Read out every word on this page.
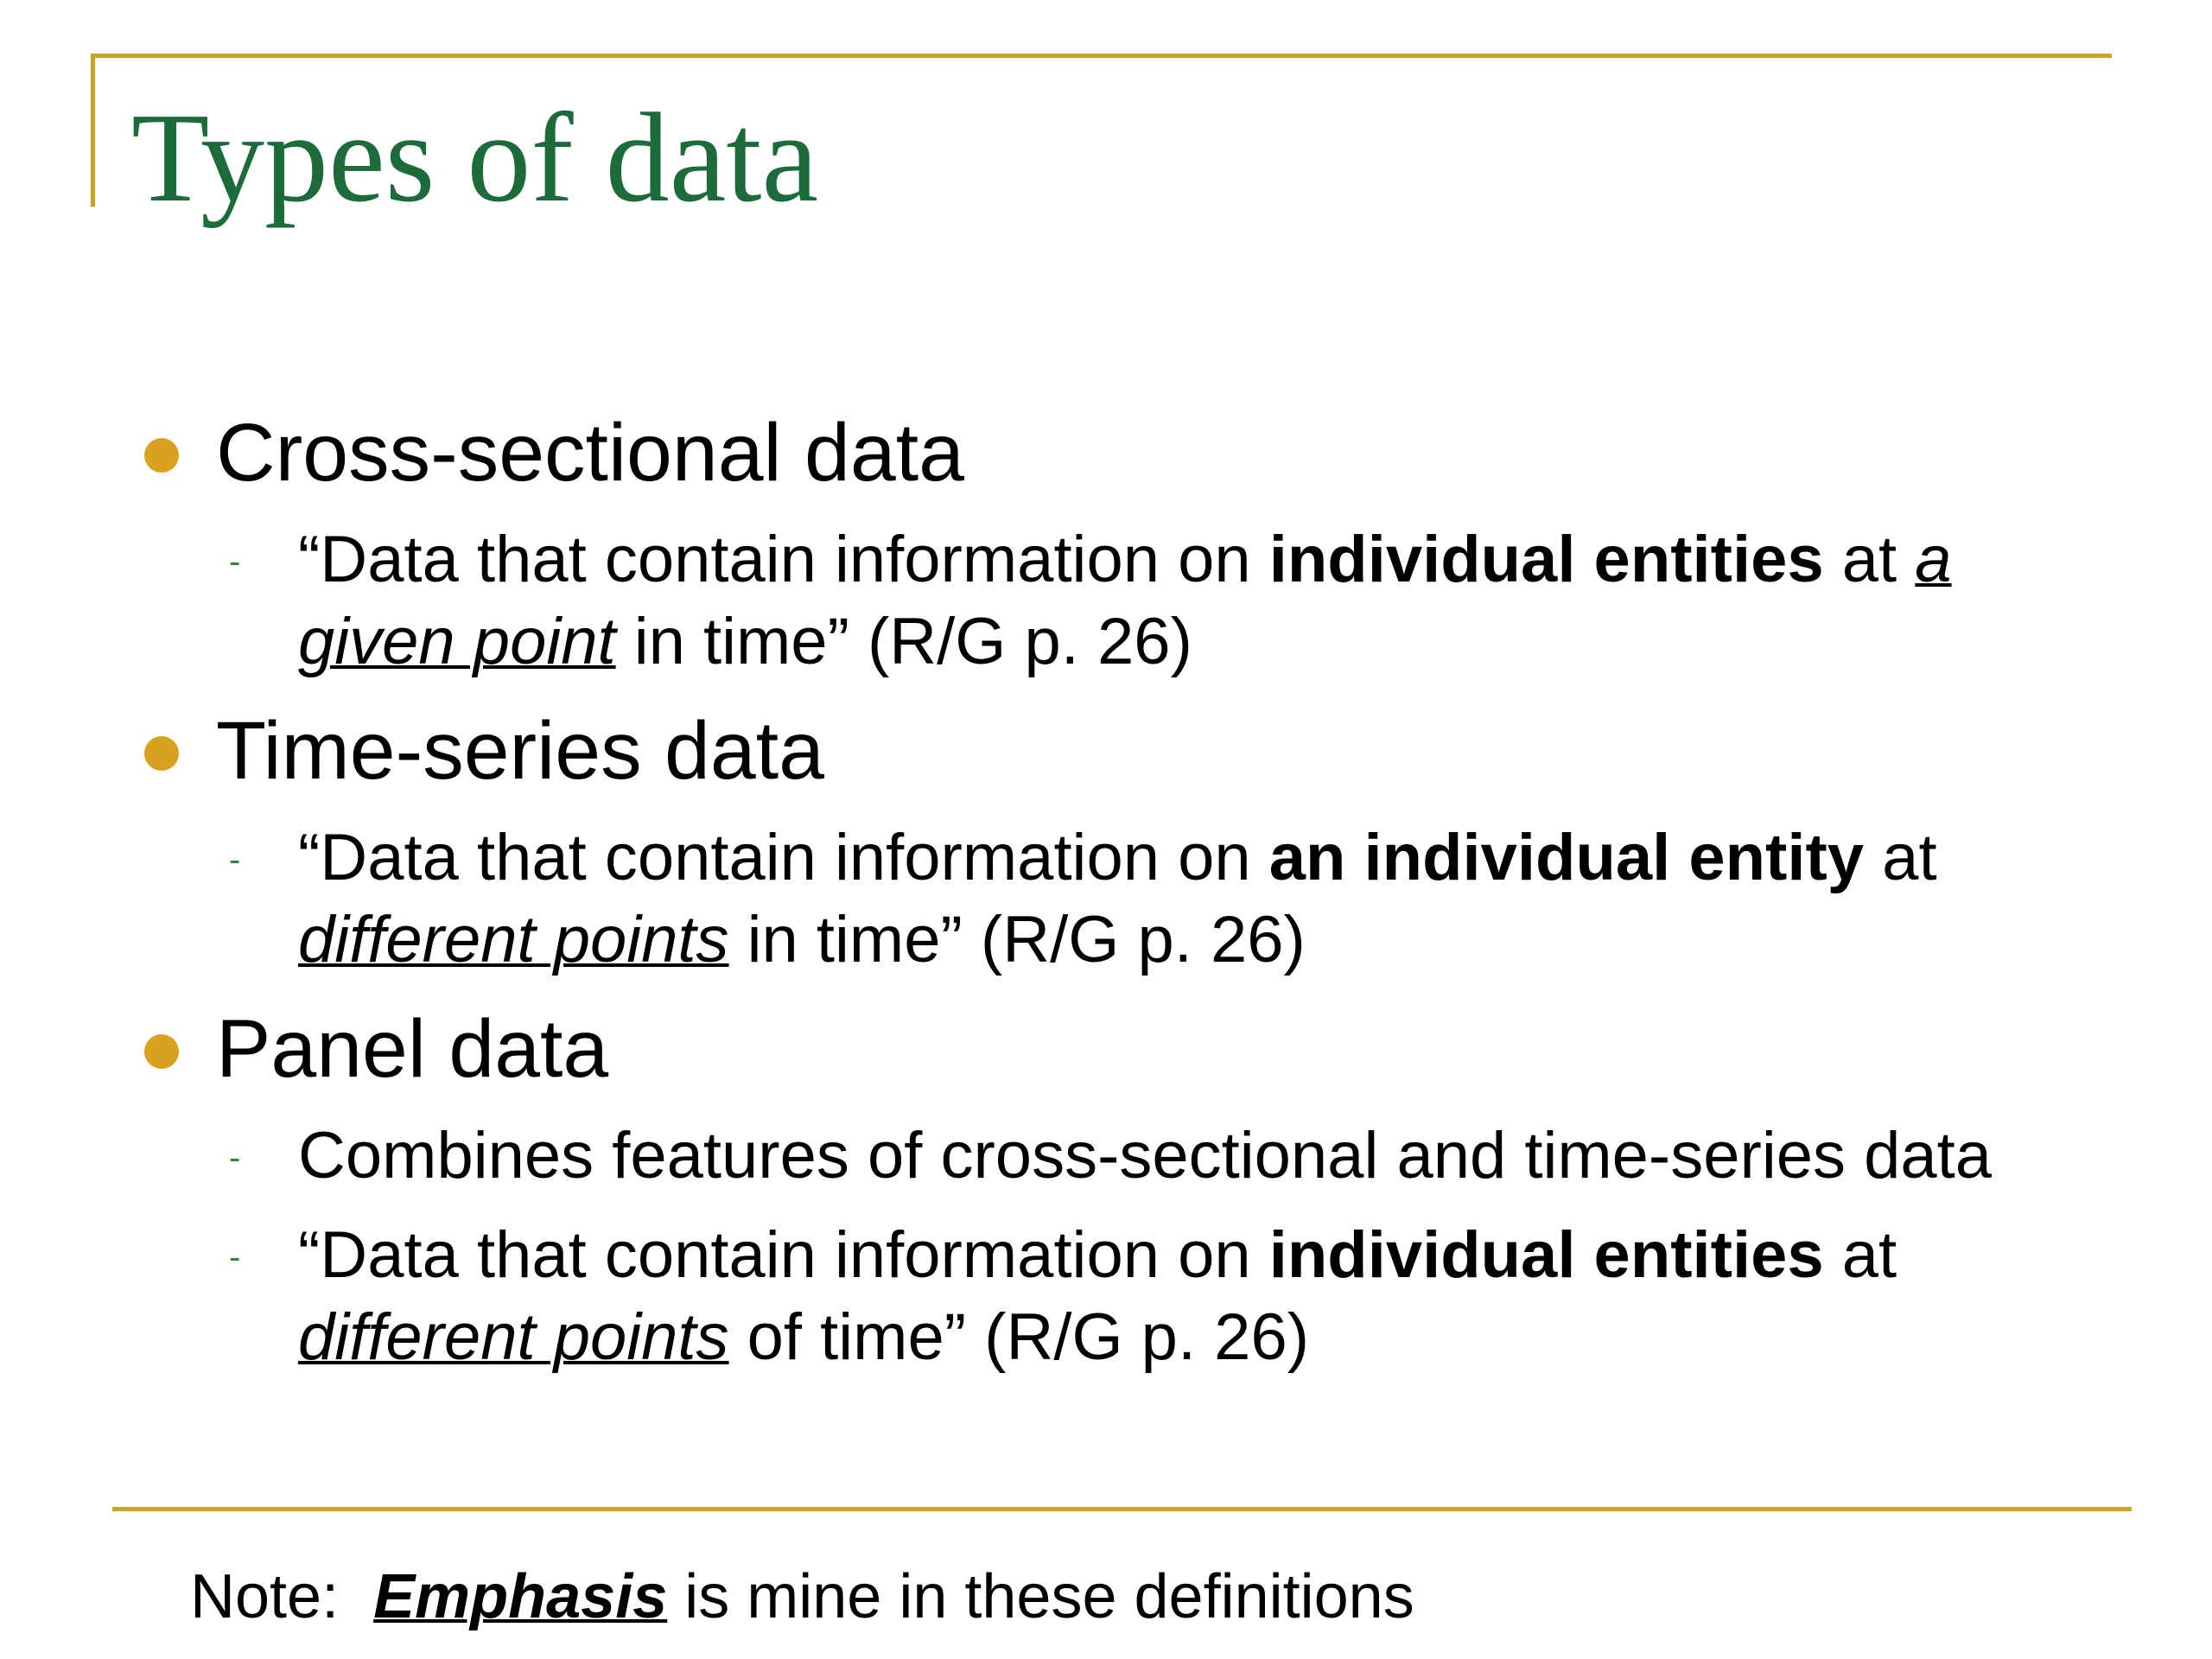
Types of data
Cross-sectional data
- “Data that contain information on individual entities at a given point in time” (R/G p. 26)
Time-series data
- “Data that contain information on an individual entity at different points in time” (R/G p. 26)
Panel data
- Combines features of cross-sectional and time-series data
- “Data that contain information on individual entities at different points of time” (R/G p. 26)
Note:  Emphasis is mine in these definitions
